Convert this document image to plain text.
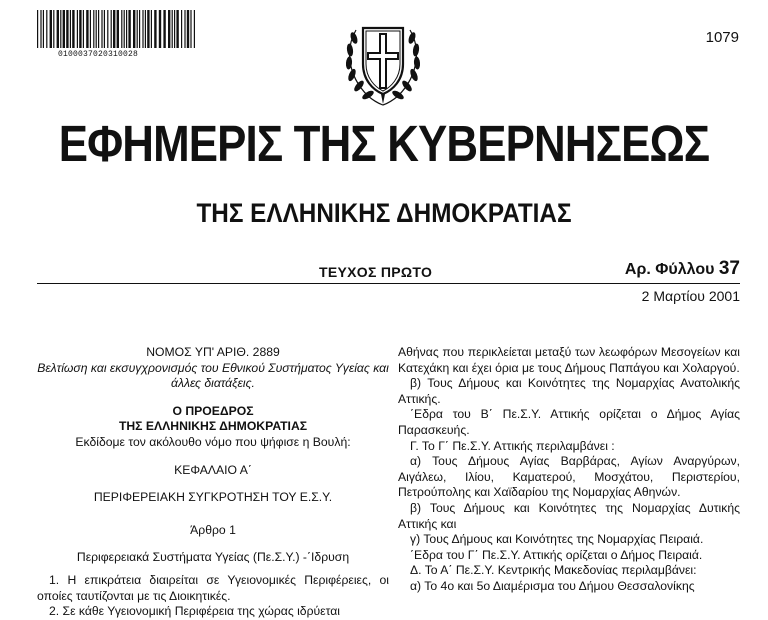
0100037020310028
1079
ΕΦΗΜΕΡΙΣ ΤΗΣ ΚΥΒΕΡΝΗΣΕΩΣ
ΤΗΣ ΕΛΛΗΝΙΚΗΣ ΔΗΜΟΚΡΑΤΙΑΣ
ΤΕΥΧΟΣ ΠΡΩΤΟ	Αρ. Φύλλου 37
2 Μαρτίου 2001

ΝΟΜΟΣ ΥΠ' ΑΡΙΘ. 2889

Βελτίωση και εκσυγχρονισμός του Εθνικού Συστήματος Υγείας και άλλες διατάξεις.

Ο ΠΡΟΕΔΡΟΣ

ΤΗΣ ΕΛΛΗΝΙΚΗΣ ΔΗΜΟΚΡΑΤΙΑΣ

Εκδίδομε τον ακόλουθο νόμο που ψήφισε η Βουλή:

ΚΕΦΑΛΑΙΟ Α΄

ΠΕΡΙΦΕΡΕΙΑΚΗ ΣΥΓΚΡΟΤΗΣΗ ΤΟΥ Ε.Σ.Υ.

Άρθρο 1

Περιφερειακά Συστήματα Υγείας (Πε.Σ.Υ.) -΄Ιδρυση

1. Η επικράτεια διαιρείται σε Υγειονομικές Περιφέρειες, οι οποίες ταυτίζονται με τις Διοικητικές.

2. Σε κάθε Υγειονομική Περιφέρεια της χώρας ιδρύεται

Αθήνας που περικλείεται μεταξύ των λεωφόρων Μεσογείων και Κατεχάκη και έχει όρια με τους Δήμους Παπάγου και Χολαργού.

β) Τους Δήμους και Κοινότητες της Νομαρχίας Ανατολικής Αττικής.

΄Εδρα του Β΄ Πε.Σ.Υ. Αττικής ορίζεται ο Δήμος Αγίας Παρασκευής.

Γ. Το Γ΄ Πε.Σ.Υ. Αττικής περιλαμβάνει :

α) Τους Δήμους Αγίας Βαρβάρας, Αγίων Αναργύρων, Αιγάλεω, Ιλίου, Καματερού, Μοσχάτου, Περιστερίου, Πετρούπολης και Χαϊδαρίου της Νομαρχίας Αθηνών.

β) Τους Δήμους και Κοινότητες της Νομαρχίας Δυτικής Αττικής και

γ) Τους Δήμους και Κοινότητες της Νομαρχίας Πειραιά.

΄Εδρα του Γ΄ Πε.Σ.Υ. Αττικής ορίζεται ο Δήμος Πειραιά.

Δ. Το Α΄ Πε.Σ.Υ. Κεντρικής Μακεδονίας περιλαμβάνει:

α) Το 4ο και 5ο Διαμέρισμα του Δήμου Θεσσαλονίκης
